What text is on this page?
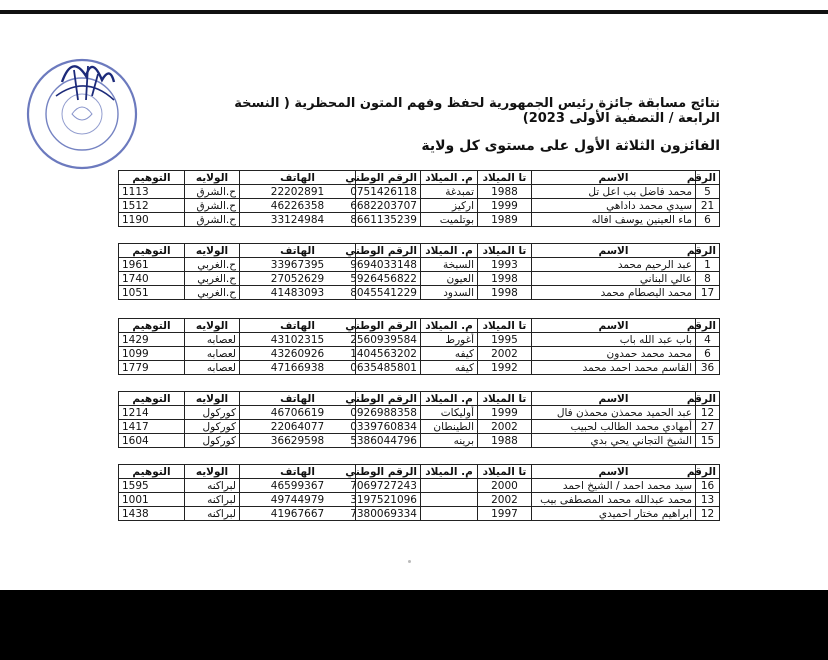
نتائج مسابقة جائزة رئيس الجمهورية لحفظ وفهم المتون المحظرية ( النسخة الرابعة / التصفية الأولى 2023)
الفائزون الثلاثة الأول على مستوى كل ولاية
الرقم	الاسم	تا الميلاد	م. الميلاد	الرقم الوطني	الهاتف	الولايه	التوهيم
5	محمد فاضل بب اعل تل	1988	تمبدغة	0751426118	22202891	ح.الشرق	1113
21	سيدي محمد داداهي	1999	اركيز	6682203707	46226358	ح.الشرق	1512
6	ماء العينين يوسف افاله	1989	بوتلميت	8661135239	33124984	ح.الشرق	1190
الرقم	الاسم	تا الميلاد	م. الميلاد	الرقم الوطني	الهاتف	الولايه	التوهيم
1	عبد الرحيم محمد	1993	السبخة	9694033148	33967395	ح.الغربي	1961
8	عالي البناني	1998	العيون	5926456822	27052629	ح.الغربي	1740
17	محمد اليصطام محمد	1998	السدود	8045541229	41483093	ح.الغربي	1051
الرقم	الاسم	تا الميلاد	م. الميلاد	الرقم الوطني	الهاتف	الولايه	التوهيم
4	باب عبد الله باب	1995	أغورط	2560939584	43102315	لعصابه	1429
6	محمد محمد حمدون	2002	كيفه	1404563202	43260926	لعصابه	1099
36	القاسم محمد احمد محمد	1992	كيفه	0635485801	47166938	لعصابه	1779
الرقم	الاسم	تا الميلاد	م. الميلاد	الرقم الوطني	الهاتف	الولايه	التوهيم
12	عبد الحميد محمذن محمذن فال	1999	أوليكات	0926988358	46706619	كوركول	1214
27	أمهادي محمد الطالب لحبيب	2002	الطينطان	0339760834	22064077	كوركول	1417
15	الشيخ التجاني يحي بدي	1988	برينه	5386044796	36629598	كوركول	1604
الرقم	الاسم	تا الميلاد	م. الميلاد	الرقم الوطني	الهاتف	الولايه	التوهيم
16	سيد محمد احمد / الشيخ احمد	2000		7069727243	46599367	لبراكنه	1595
13	محمد عبدالله محمد المصطفى بيب	2002		3197521096	49744979	لبراكنه	1001
12	ابراهيم مختار احميدي	1997		7380069334	41967667	لبراكنه	1438
